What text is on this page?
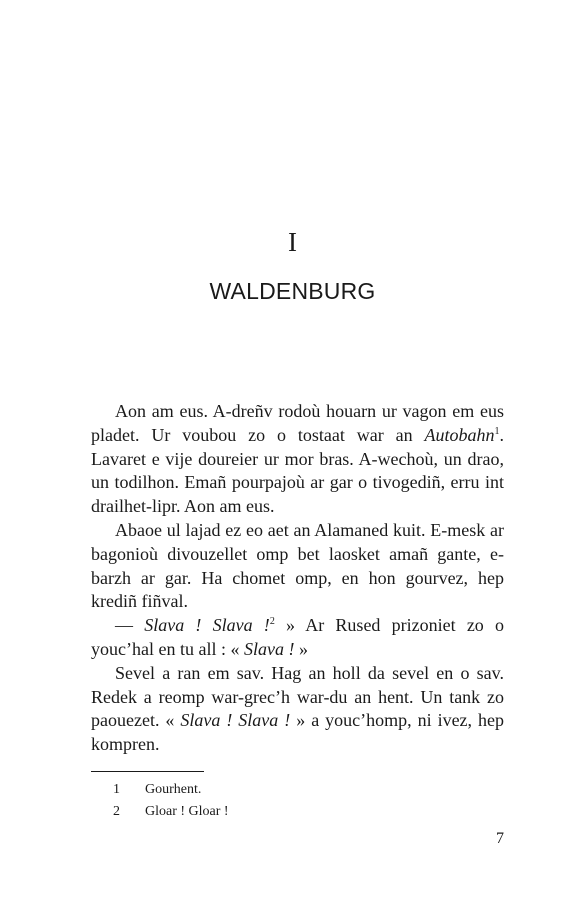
I
WALDENBURG

Aon am eus. A-dreñv rodoù houarn ur vagon em eus pladet. Ur voubou zo o tostaat war an Autobahn$^1$. Lavaret e vije doureier ur mor bras. A-wechoù, un drao, un todilhon. Emañ pourpajoù ar gar o tivogediñ, erru int drailhet-lipr. Aon am eus.

Abaoe ul lajad ez eo aet an Alamaned kuit. E-mesk ar bagonioù divouzellet omp bet laosket amañ gante, e-barzh ar gar. Ha chomet omp, en hon gourvez, hep krediñ fiñval.

— Slava ! Slava !$^2$ » Ar Rused prizoniet zo o youc’hal en tu all : « Slava ! »

Sevel a ran em sav. Hag an holl da sevel en o sav. Redek a reomp war-grec’h war-du an hent. Un tank zo paouezet. « Slava ! Slava ! » a youc’homp, ni ivez, hep kompren.

1 Gourhent.
2 Gloar ! Gloar !
7
